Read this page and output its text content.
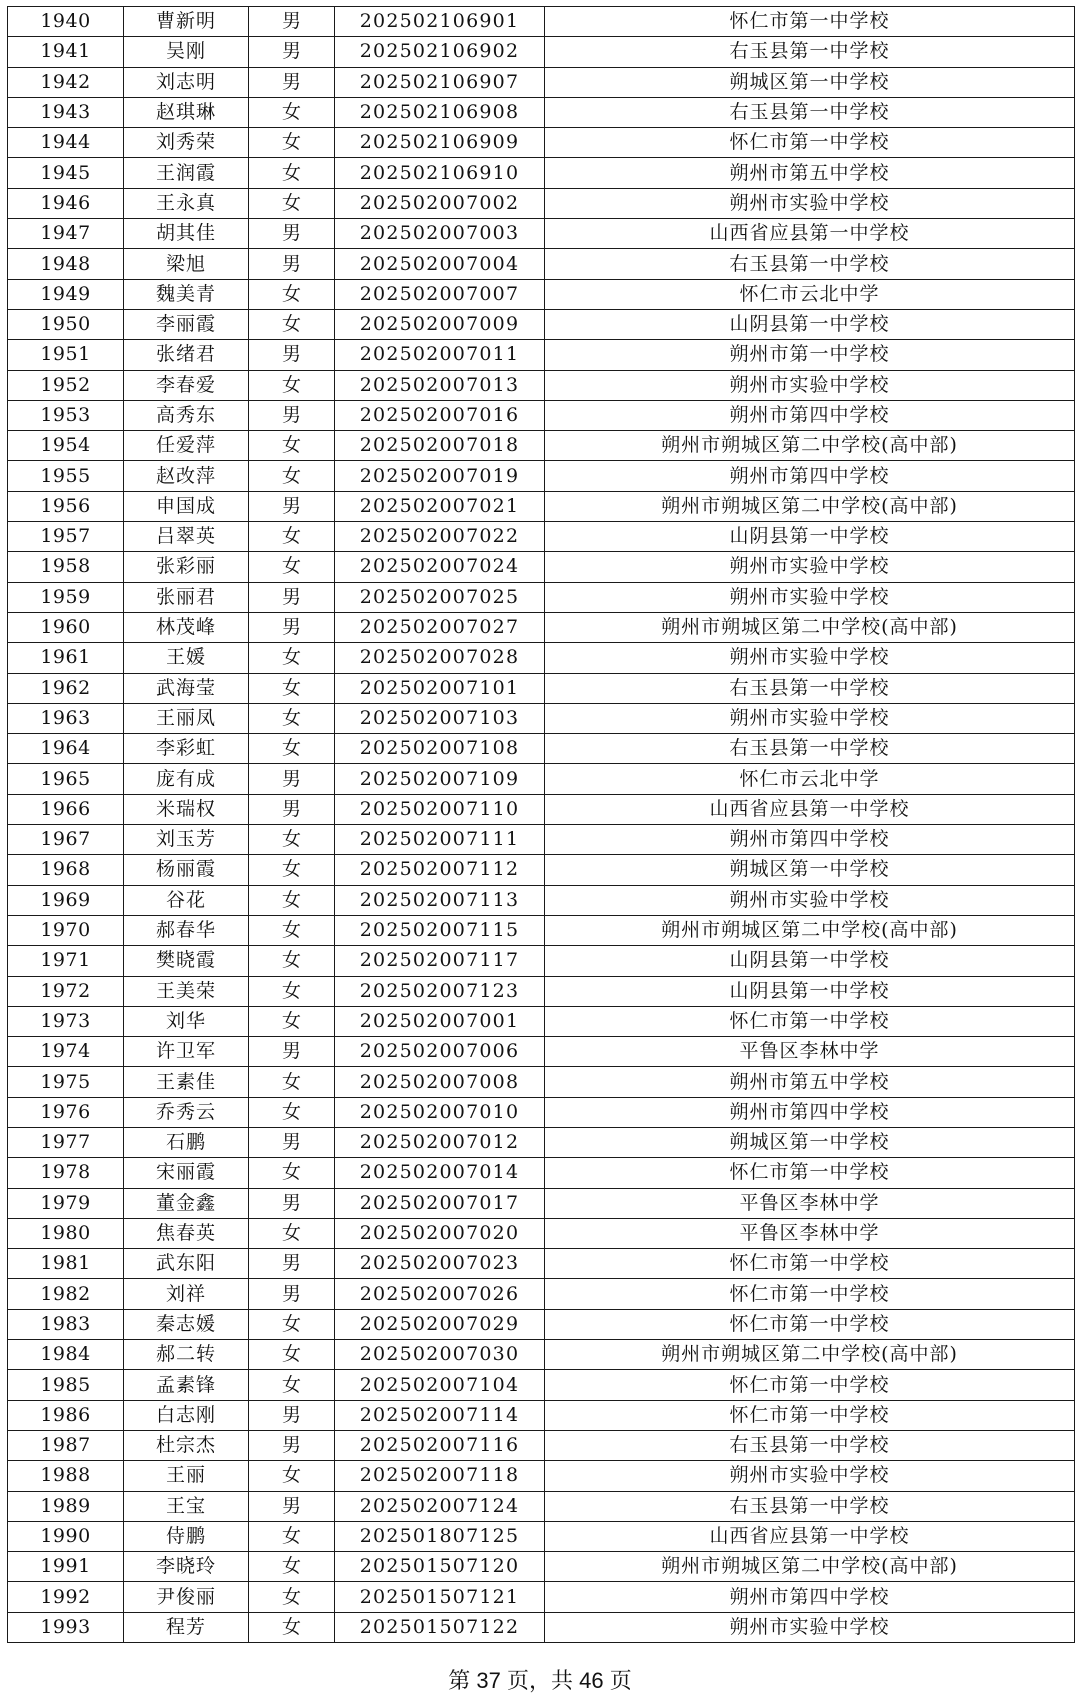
1940	曹新明	男	202502106901	怀仁市第一中学校
1941	吴刚	男	202502106902	右玉县第一中学校
1942	刘志明	男	202502106907	朔城区第一中学校
1943	赵琪琳	女	202502106908	右玉县第一中学校
1944	刘秀荣	女	202502106909	怀仁市第一中学校
1945	王润霞	女	202502106910	朔州市第五中学校
1946	王永真	女	202502007002	朔州市实验中学校
1947	胡其佳	男	202502007003	山西省应县第一中学校
1948	梁旭	男	202502007004	右玉县第一中学校
1949	魏美青	女	202502007007	怀仁市云北中学
1950	李丽霞	女	202502007009	山阴县第一中学校
1951	张绪君	男	202502007011	朔州市第一中学校
1952	李春爱	女	202502007013	朔州市实验中学校
1953	高秀东	男	202502007016	朔州市第四中学校
1954	任爱萍	女	202502007018	朔州市朔城区第二中学校(高中部)
1955	赵改萍	女	202502007019	朔州市第四中学校
1956	申国成	男	202502007021	朔州市朔城区第二中学校(高中部)
1957	吕翠英	女	202502007022	山阴县第一中学校
1958	张彩丽	女	202502007024	朔州市实验中学校
1959	张丽君	男	202502007025	朔州市实验中学校
1960	林茂峰	男	202502007027	朔州市朔城区第二中学校(高中部)
1961	王媛	女	202502007028	朔州市实验中学校
1962	武海莹	女	202502007101	右玉县第一中学校
1963	王丽凤	女	202502007103	朔州市实验中学校
1964	李彩虹	女	202502007108	右玉县第一中学校
1965	庞有成	男	202502007109	怀仁市云北中学
1966	米瑞权	男	202502007110	山西省应县第一中学校
1967	刘玉芳	女	202502007111	朔州市第四中学校
1968	杨丽霞	女	202502007112	朔城区第一中学校
1969	谷花	女	202502007113	朔州市实验中学校
1970	郝春华	女	202502007115	朔州市朔城区第二中学校(高中部)
1971	樊晓霞	女	202502007117	山阴县第一中学校
1972	王美荣	女	202502007123	山阴县第一中学校
1973	刘华	女	202502007001	怀仁市第一中学校
1974	许卫军	男	202502007006	平鲁区李林中学
1975	王素佳	女	202502007008	朔州市第五中学校
1976	乔秀云	女	202502007010	朔州市第四中学校
1977	石鹏	男	202502007012	朔城区第一中学校
1978	宋丽霞	女	202502007014	怀仁市第一中学校
1979	董金鑫	男	202502007017	平鲁区李林中学
1980	焦春英	女	202502007020	平鲁区李林中学
1981	武东阳	男	202502007023	怀仁市第一中学校
1982	刘祥	男	202502007026	怀仁市第一中学校
1983	秦志媛	女	202502007029	怀仁市第一中学校
1984	郝二转	女	202502007030	朔州市朔城区第二中学校(高中部)
1985	孟素锋	女	202502007104	怀仁市第一中学校
1986	白志刚	男	202502007114	怀仁市第一中学校
1987	杜宗杰	男	202502007116	右玉县第一中学校
1988	王丽	女	202502007118	朔州市实验中学校
1989	王宝	男	202502007124	右玉县第一中学校
1990	侍鹏	女	202501807125	山西省应县第一中学校
1991	李晓玲	女	202501507120	朔州市朔城区第二中学校(高中部)
1992	尹俊丽	女	202501507121	朔州市第四中学校
1993	程芳	女	202501507122	朔州市实验中学校
第 37 页，共 46 页
